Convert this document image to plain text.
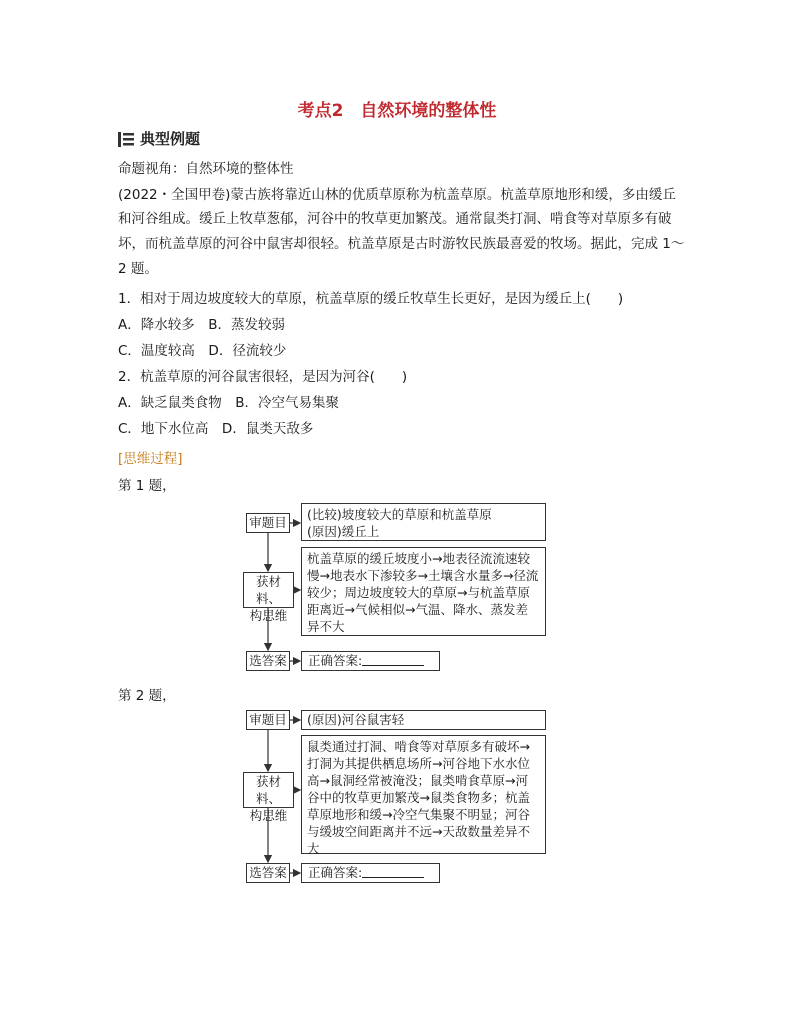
考点2　自然环境的整体性
典型例题
命题视角：自然环境的整体性
(2022・全国甲卷)蒙古族将靠近山林的优质草原称为杭盖草原。杭盖草原地形和缓，多由缓丘
和河谷组成。缓丘上牧草葱郁，河谷中的牧草更加繁茂。通常鼠类打洞、啃食等对草原多有破
坏，而杭盖草原的河谷中鼠害却很轻。杭盖草原是古时游牧民族最喜爱的牧场。据此，完成 1～
2 题。
1．相对于周边坡度较大的草原，杭盖草原的缓丘牧草生长更好，是因为缓丘上(　　)
A．降水较多　B．蒸发较弱
C．温度较高　D．径流较少
2．杭盖草原的河谷鼠害很轻，是因为河谷(　　)
A．缺乏鼠类食物　B．冷空气易集聚
C．地下水位高　D．鼠类天敌多
[思维过程]
第 1 题，
审题目
(比较)坡度较大的草原和杭盖草原
(原因)缓丘上
获材料、
构思维
杭盖草原的缓丘坡度小→地表径流流速较慢→地表水下渗较多→土壤含水量多→径流较少；周边坡度较大的草原→与杭盖草原距离近→气候相似→气温、降水、蒸发差异不大
选答案	正确答案:
第 2 题，
审题目	(原因)河谷鼠害轻
获材料、
构思维
鼠类通过打洞、啃食等对草原多有破坏→打洞为其提供栖息场所→河谷地下水水位高→鼠洞经常被淹没；鼠类啃食草原→河谷中的牧草更加繁茂→鼠类食物多；杭盖草原地形和缓→冷空气集聚不明显；河谷与缓坡空间距离并不远→天敌数量差异不大
选答案	正确答案:
